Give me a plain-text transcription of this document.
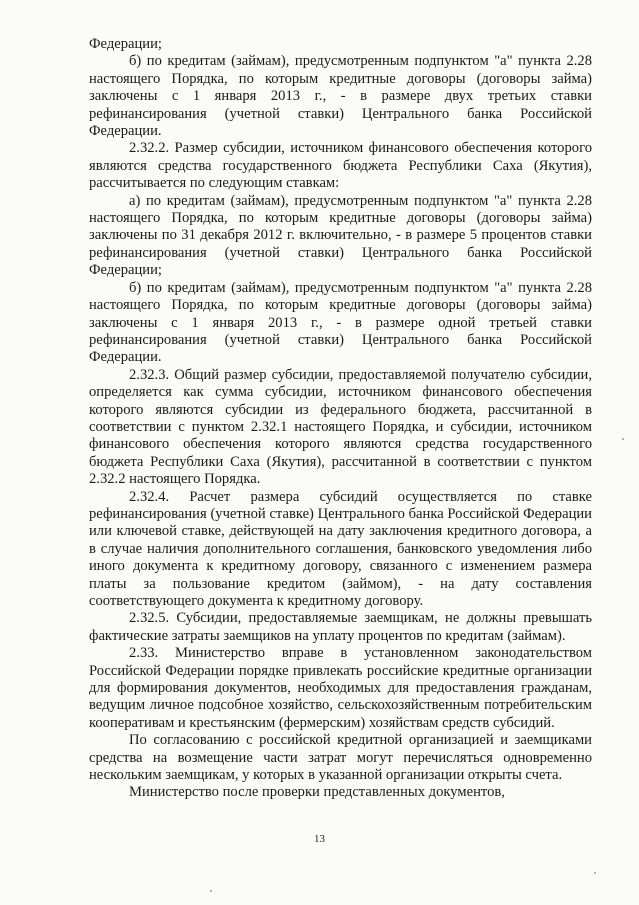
Федерации;

б) по кредитам (займам), предусмотренным подпунктом "а" пункта 2.28 настоящего Порядка, по которым кредитные договоры (договоры займа) заключены с 1 января 2013 г., - в размере двух третьих ставки рефинансирования (учетной ставки) Центрального банка Российской Федерации.

2.32.2. Размер субсидии, источником финансового обеспечения которого являются средства государственного бюджета Республики Саха (Якутия), рассчитывается по следующим ставкам:

а) по кредитам (займам), предусмотренным подпунктом "а" пункта 2.28 настоящего Порядка, по которым кредитные договоры (договоры займа) заключены по 31 декабря 2012 г. включительно, - в размере 5 процентов ставки рефинансирования (учетной ставки) Центрального банка Российской Федерации;

б) по кредитам (займам), предусмотренным подпунктом "а" пункта 2.28 настоящего Порядка, по которым кредитные договоры (договоры займа) заключены с 1 января 2013 г., - в размере одной третьей ставки рефинансирования (учетной ставки) Центрального банка Российской Федерации.

2.32.3. Общий размер субсидии, предоставляемой получателю субсидии, определяется как сумма субсидии, источником финансового обеспечения которого являются субсидии из федерального бюджета, рассчитанной в соответствии с пунктом 2.32.1 настоящего Порядка, и субсидии, источником финансового обеспечения которого являются средства государственного бюджета Республики Саха (Якутия), рассчитанной в соответствии с пунктом 2.32.2 настоящего Порядка.

2.32.4. Расчет размера субсидий осуществляется по ставке рефинансирования (учетной ставке) Центрального банка Российской Федерации или ключевой ставке, действующей на дату заключения кредитного договора, а в случае наличия дополнительного соглашения, банковского уведомления либо иного документа к кредитному договору, связанного с изменением размера платы за пользование кредитом (займом), - на дату составления соответствующего документа к кредитному договору.

2.32.5. Субсидии, предоставляемые заемщикам, не должны превышать фактические затраты заемщиков на уплату процентов по кредитам (займам).

2.33. Министерство вправе в установленном законодательством Российской Федерации порядке привлекать российские кредитные организации для формирования документов, необходимых для предоставления гражданам, ведущим личное подсобное хозяйство, сельскохозяйственным потребительским кооперативам и крестьянским (фермерским) хозяйствам средств субсидий.

По согласованию с российской кредитной организацией и заемщиками средства на возмещение части затрат могут перечисляться одновременно нескольким заемщикам, у которых в указанной организации открыты счета.

Министерство после проверки представленных документов,

13
